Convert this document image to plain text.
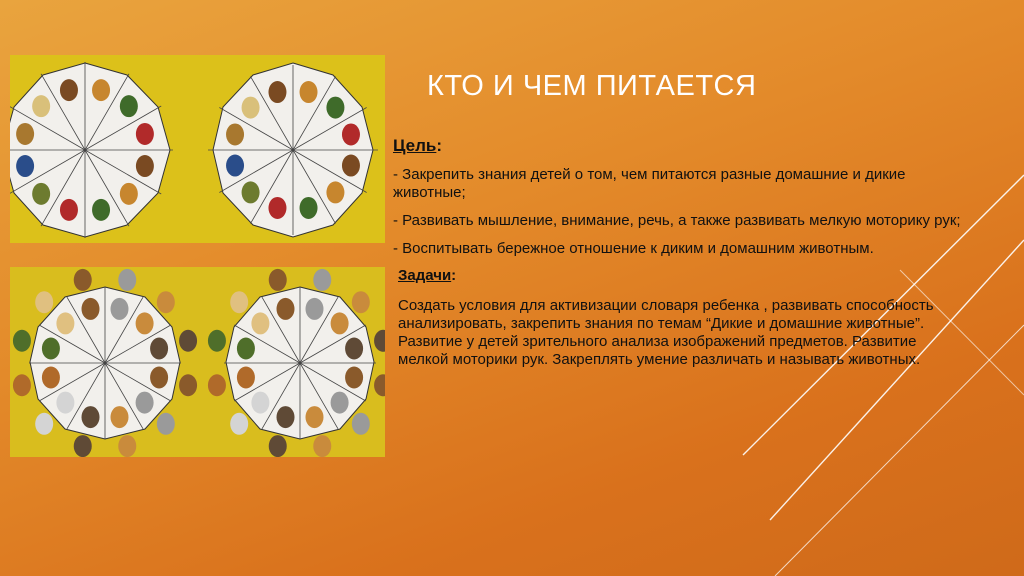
КТО И ЧЕМ ПИТАЕТСЯ

Цель:

- Закрепить знания детей о том, чем питаются разные домашние и дикие животные;

- Развивать мышление, внимание, речь, а также развивать мелкую моторику рук;

- Воспитывать бережное отношение к диким и домашним животным.

Задачи:

Создать условия для активизации словаря ребенка , развивать способность анализировать, закрепить знания по темам “Дикие и домашние животные”. Развитие у детей зрительного анализа изображений предметов. Развитие мелкой моторики рук. Закреплять умение различать и называть животных.
